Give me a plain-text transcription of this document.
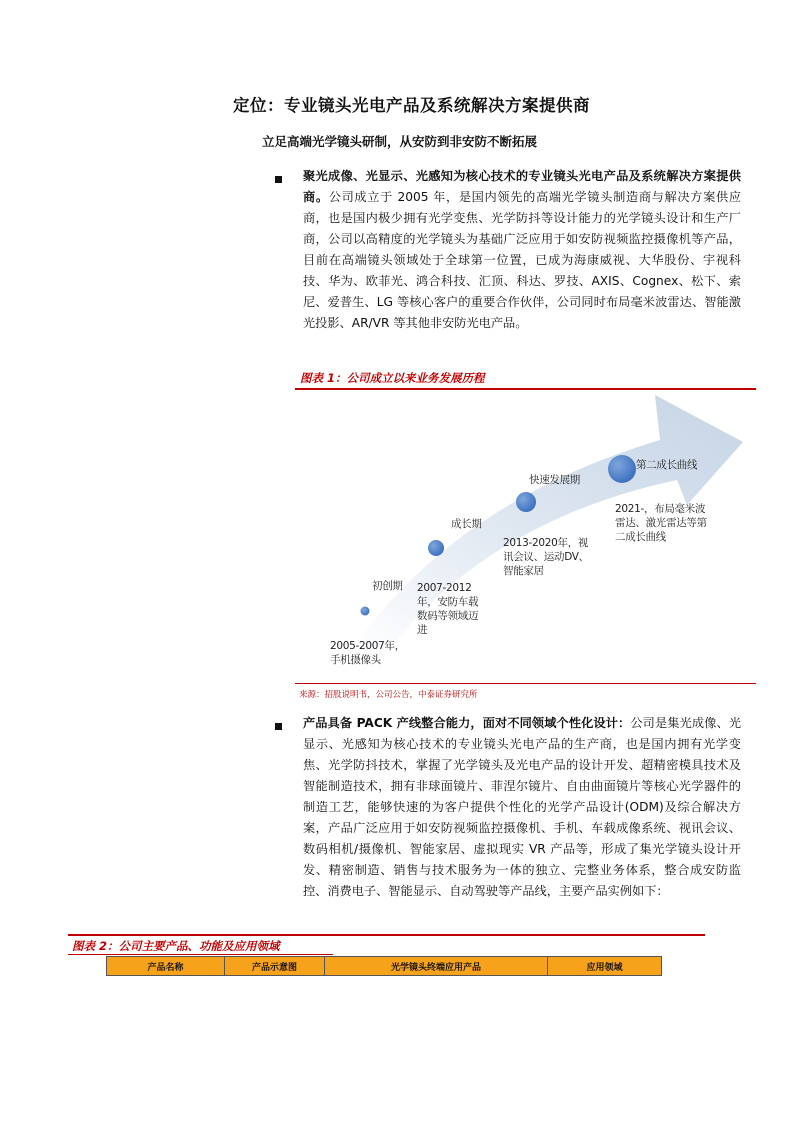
定位：专业镜头光电产品及系统解决方案提供商
立足高端光学镜头研制，从安防到非安防不断拓展
聚光成像、光显示、光感知为核心技术的专业镜头光电产品及系统解决方案提供商。公司成立于 2005 年，是国内领先的高端光学镜头制造商与解决方案供应商，也是国内极少拥有光学变焦、光学防抖等设计能力的光学镜头设计和生产厂商，公司以高精度的光学镜头为基础广泛应用于如安防视频监控摄像机等产品，目前在高端镜头领域处于全球第一位置，已成为海康威视、大华股份、宇视科技、华为、欧菲光、鸿合科技、汇顶、科达、罗技、AXIS、Cognex、松下、索尼、爱普生、LG 等核心客户的重要合作伙伴，公司同时布局毫米波雷达、智能激光投影、AR/VR 等其他非安防光电产品。
图表 1：公司成立以来业务发展历程
初创期
2005-2007年，手机摄像头
成长期
2007-2012年，安防车载数码等领域迈进
快速发展期
2013-2020年，视讯会议、运动DV、智能家居
第二成长曲线
2021-，布局毫米波雷达、激光雷达等第二成长曲线
来源：招股说明书，公司公告，中泰证券研究所
产品具备 PACK 产线整合能力，面对不同领域个性化设计：公司是集光成像、光显示、光感知为核心技术的专业镜头光电产品的生产商，也是国内拥有光学变焦、光学防抖技术，掌握了光学镜头及光电产品的设计开发、超精密模具技术及智能制造技术，拥有非球面镜片、菲涅尔镜片、自由曲面镜片等核心光学器件的制造工艺，能够快速的为客户提供个性化的光学产品设计(ODM)及综合解决方案，产品广泛应用于如安防视频监控摄像机、手机、车载成像系统、视讯会议、数码相机/摄像机、智能家居、虚拟现实 VR 产品等，形成了集光学镜头设计开发、精密制造、销售与技术服务为一体的独立、完整业务体系，整合成安防监控、消费电子、智能显示、自动驾驶等产品线，主要产品实例如下：
图表 2：公司主要产品、功能及应用领域
产品名称	产品示意图	光学镜头终端应用产品	应用领域
